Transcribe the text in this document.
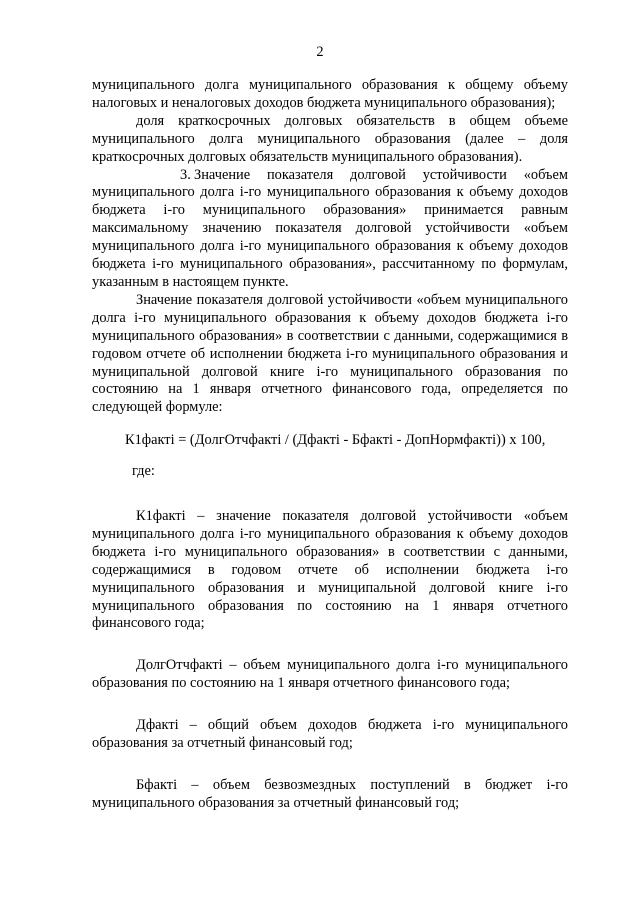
2

муниципального долга муниципального образования к общему объему налоговых и неналоговых доходов бюджета муниципального образования);

доля краткосрочных долговых обязательств в общем объеме муниципального долга муниципального образования (далее – доля краткосрочных долговых обязательств муниципального образования).

3. Значение показателя долговой устойчивости «объем муниципального долга i-го муниципального образования к объему доходов бюджета i-го муниципального образования» принимается равным максимальному значению показателя долговой устойчивости «объем муниципального долга i-го муниципального образования к объему доходов бюджета i-го муниципального образования», рассчитанному по формулам, указанным в настоящем пункте.

Значение показателя долговой устойчивости «объем муниципального долга i-го муниципального образования к объему доходов бюджета i-го муниципального образования» в соответствии с данными, содержащимися в годовом отчете об исполнении бюджета i-го муниципального образования и муниципальной долговой книге i-го муниципального образования по состоянию на 1 января отчетного финансового года, определяется по следующей формуле:

К1факті = (ДолгОтчфакті / (Дфакті - Бфакті - ДопНормфакті)) х 100,
где:

К1факті – значение показателя долговой устойчивости «объем муниципального долга i-го муниципального образования к объему доходов бюджета i-го муниципального образования» в соответствии с данными, содержащимися в годовом отчете об исполнении бюджета i-го муниципального образования и муниципальной долговой книге i-го муниципального образования по состоянию на 1 января отчетного финансового года;

ДолгОтчфакті – объем муниципального долга i-го муниципального образования по состоянию на 1 января отчетного финансового года;

Дфакті – общий объем доходов бюджета i-го муниципального образования за отчетный финансовый год;

Бфакті – объем безвозмездных поступлений в бюджет i-го муниципального образования за отчетный финансовый год;
